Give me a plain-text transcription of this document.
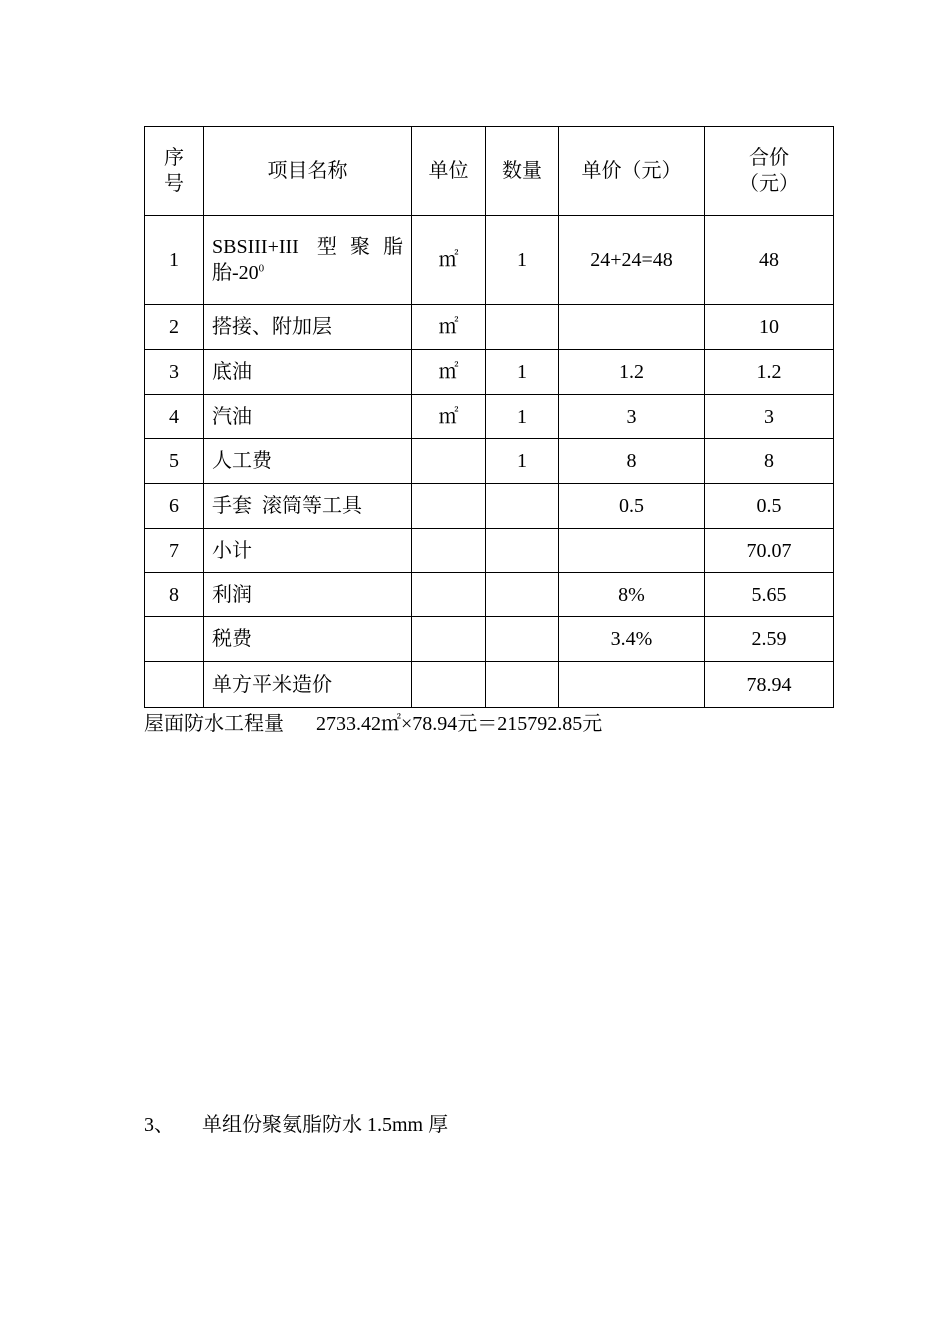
序号	项目名称	单位	数量	单价（元）	合价（元）
1	SBSIII+III 型聚脂胎$-20^0$	㎡	1	24+24=48	48
2	搭接、附加层	㎡			10
3	底油	㎡	1	1.2	1.2
4	汽油	㎡	1	3	3
5	人工费		1	8	8
6	手套  滚筒等工具			0.5	0.5
7	小计				70.07
8	利润			8%	5.65
	税费			3.4%	2.59
	单方平米造价				78.94
屋面防水工程量 2733.42㎡×78.94元＝215792.85元
3、 单组份聚氨脂防水 1.5mm 厚
